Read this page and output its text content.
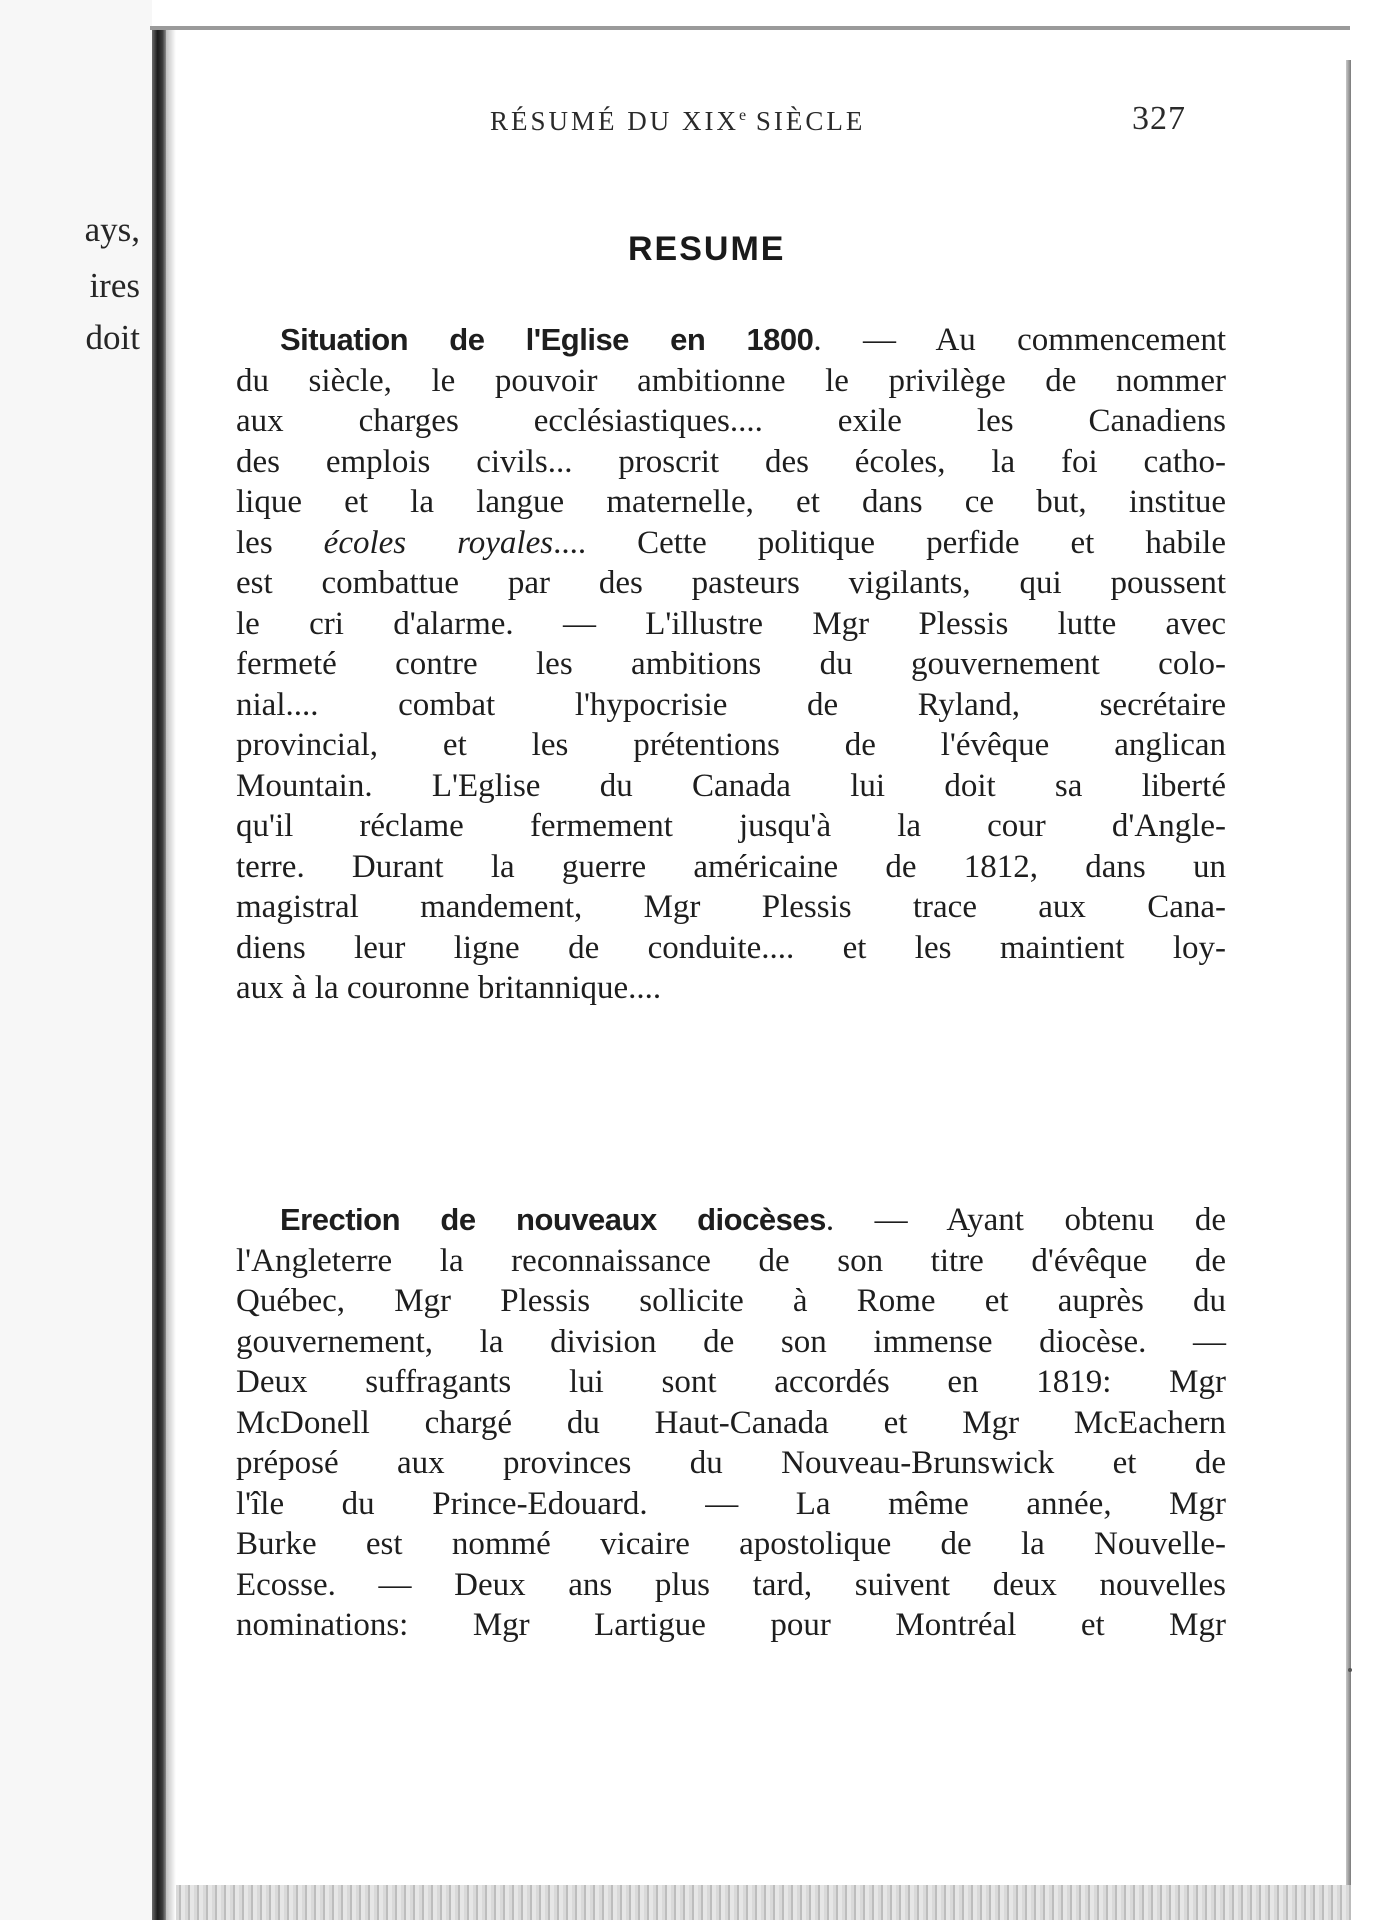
ays,
ires
doit
RÉSUMÉ DU XIXe SIÈCLE	327
RESUME
Situation de l'Eglise en 1800. — Au commencement
du siècle, le pouvoir ambitionne le privilège de nommer
aux charges ecclésiastiques.... exile les Canadiens
des emplois civils... proscrit des écoles, la foi catho-
lique et la langue maternelle, et dans ce but, institue
les écoles royales.... Cette politique perfide et habile
est combattue par des pasteurs vigilants, qui poussent
le cri d'alarme. — L'illustre Mgr Plessis lutte avec
fermeté contre les ambitions du gouvernement colo-
nial.... combat l'hypocrisie de Ryland, secrétaire
provincial, et les prétentions de l'évêque anglican
Mountain. L'Eglise du Canada lui doit sa liberté
qu'il réclame fermement jusqu'à la cour d'Angle-
terre. Durant la guerre américaine de 1812, dans un
magistral mandement, Mgr Plessis trace aux Cana-
diens leur ligne de conduite.... et les maintient loy-
aux à la couronne britannique....
Erection de nouveaux diocèses. — Ayant obtenu de
l'Angleterre la reconnaissance de son titre d'évêque de
Québec, Mgr Plessis sollicite à Rome et auprès du
gouvernement, la division de son immense diocèse. —
Deux suffragants lui sont accordés en 1819: Mgr
McDonell chargé du Haut-Canada et Mgr McEachern
préposé aux provinces du Nouveau-Brunswick et de
l'île du Prince-Edouard. — La même année, Mgr
Burke est nommé vicaire apostolique de la Nouvelle-
Ecosse. — Deux ans plus tard, suivent deux nouvelles
nominations: Mgr Lartigue pour Montréal et Mgr
